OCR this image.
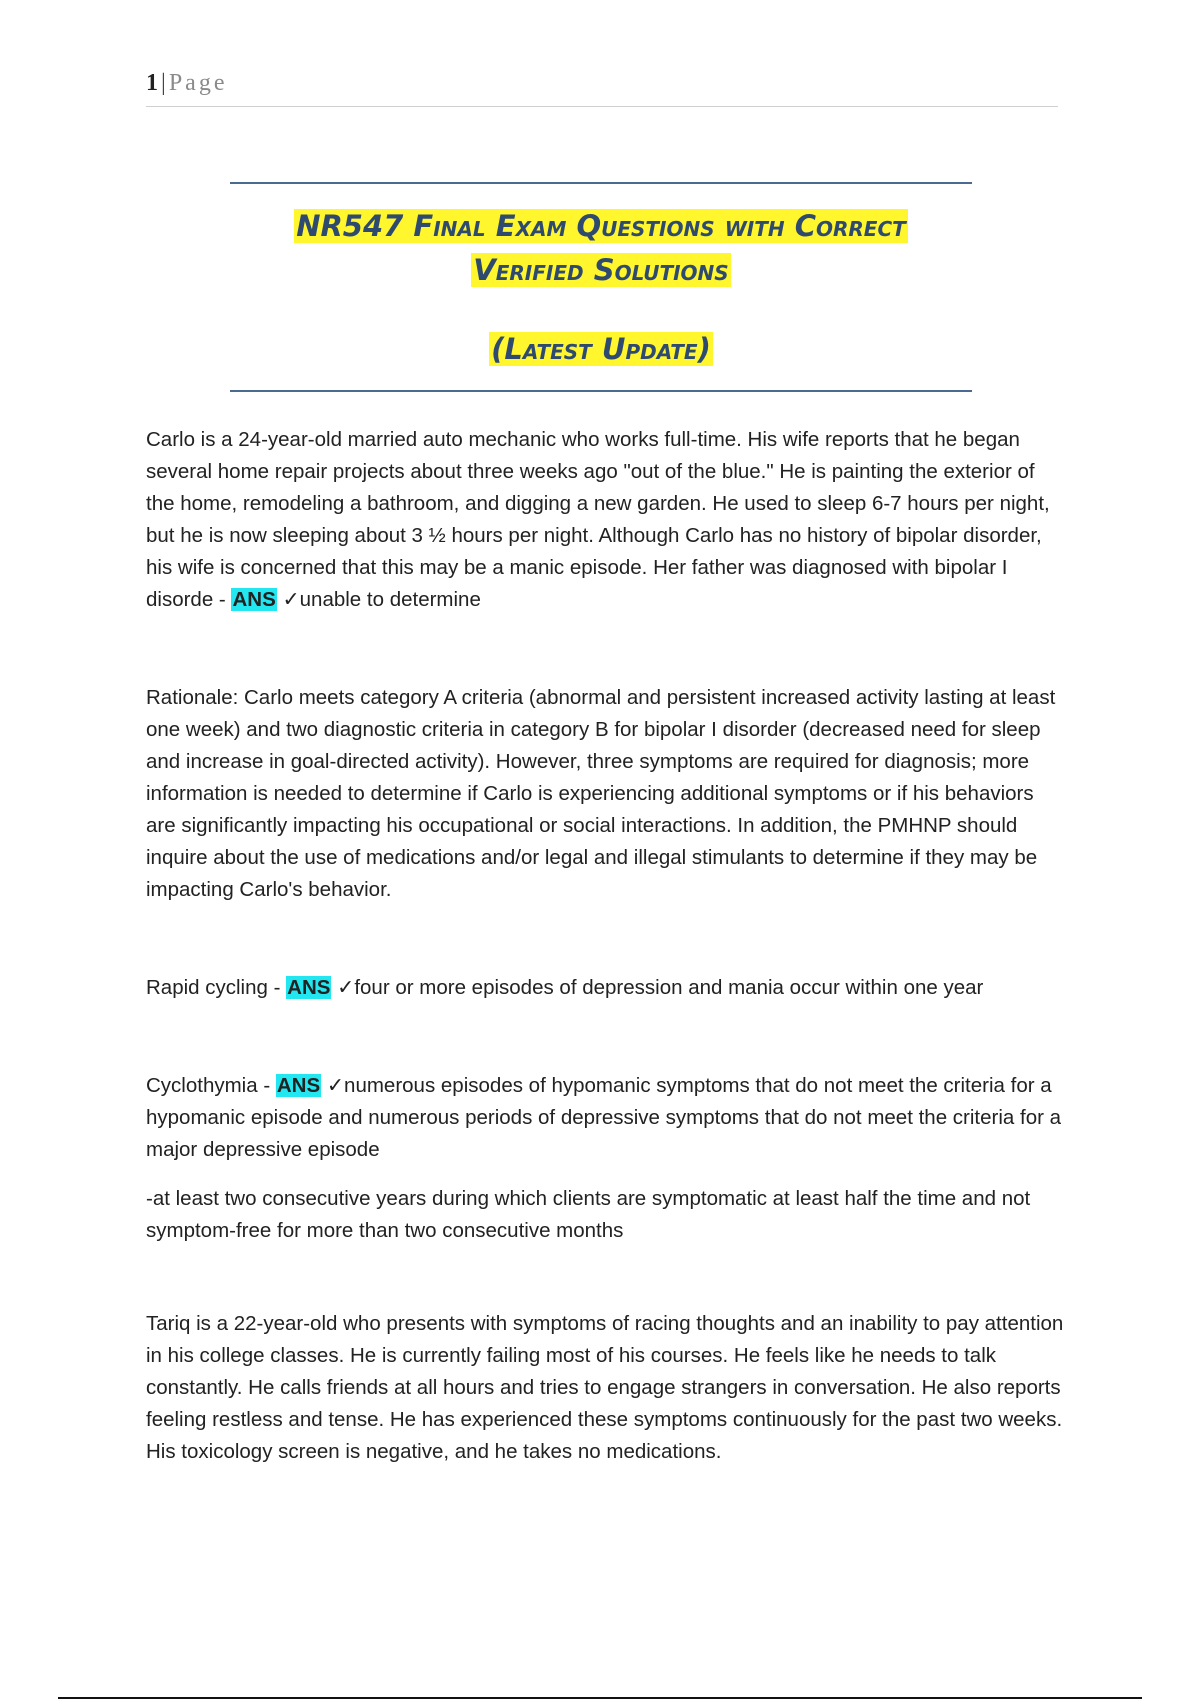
1 | Page
NR547 Final Exam Questions with Correct
Verified Solutions
(Latest Update)

Carlo is a 24-year-old married auto mechanic who works full-time. His wife reports that he began several home repair projects about three weeks ago "out of the blue." He is painting the exterior of the home, remodeling a bathroom, and digging a new garden. He used to sleep 6-7 hours per night, but he is now sleeping about 3 ½ hours per night. Although Carlo has no history of bipolar disorder, his wife is concerned that this may be a manic episode. Her father was diagnosed with bipolar I disorde - ANS ✓unable to determine

Rationale: Carlo meets category A criteria (abnormal and persistent increased activity lasting at least one week) and two diagnostic criteria in category B for bipolar I disorder (decreased need for sleep and increase in goal-directed activity). However, three symptoms are required for diagnosis; more information is needed to determine if Carlo is experiencing additional symptoms or if his behaviors are significantly impacting his occupational or social interactions. In addition, the PMHNP should inquire about the use of medications and/or legal and illegal stimulants to determine if they may be impacting Carlo's behavior.

Rapid cycling - ANS ✓four or more episodes of depression and mania occur within one year

Cyclothymia - ANS ✓numerous episodes of hypomanic symptoms that do not meet the criteria for a hypomanic episode and numerous periods of depressive symptoms that do not meet the criteria for a major depressive episode

-at least two consecutive years during which clients are symptomatic at least half the time and not symptom-free for more than two consecutive months

Tariq is a 22-year-old who presents with symptoms of racing thoughts and an inability to pay attention in his college classes. He is currently failing most of his courses. He feels like he needs to talk constantly. He calls friends at all hours and tries to engage strangers in conversation. He also reports feeling restless and tense. He has experienced these symptoms continuously for the past two weeks. His toxicology screen is negative, and he takes no medications.
